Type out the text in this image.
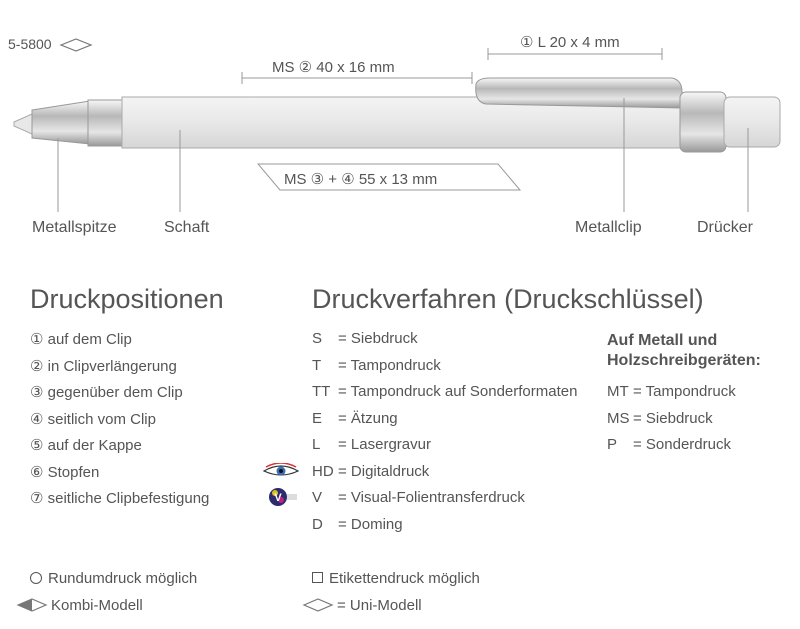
5-5800	① L 20 x 4 mm
MS ② 40 x 16 mm
MS ③ + ④ 55 x 13 mm
Metallspitze	Schaft	Metallclip	Drücker
Druckpositionen	Druckverfahren (Druckschlüssel)
① auf dem Clip
② in Clipverlängerung
③ gegenüber dem Clip
④ seitlich vom Clip
⑤ auf der Kappe
⑥ Stopfen
⑦ seitliche Clipbefestigung
S = Siebdruck
T = Tampondruck
TT = Tampondruck auf Sonderformaten
E = Ätzung
L = Lasergravur
HD = Digitaldruck
V = Visual-Folientransferdruck
D = Doming
V
Auf Metall und
Holzschreibgeräten:
MT = Tampondruck
MS = Siebdruck
P = Sonderdruck
Rundumdruck möglich
Kombi-Modell
Etikettendruck möglich
= Uni-Modell
